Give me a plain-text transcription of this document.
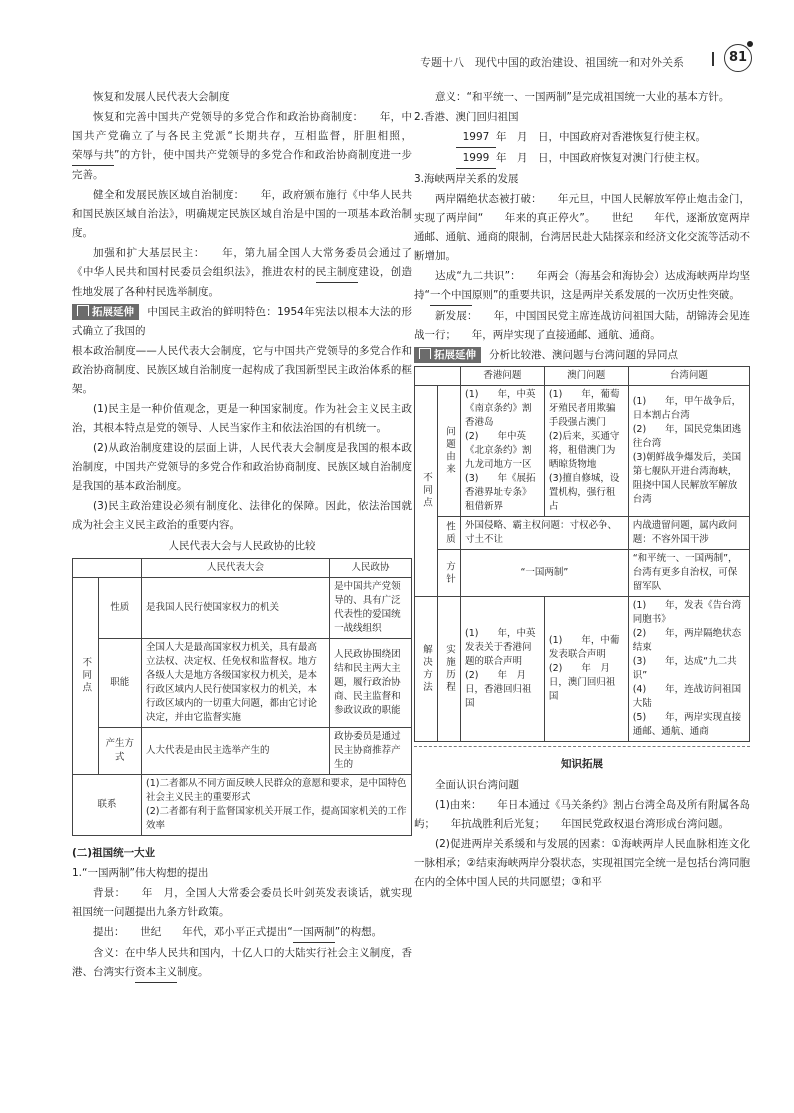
专题十八　现代中国的政治建设、祖国统一和对外关系	81

恢复和发展人民代表大会制度

恢复和完善中国共产党领导的多党合作和政治协商制度：　　年，中国共产党确立了与各民主党派“长期共存，互相监督，肝胆相照，荣辱与共”的方针，使中国共产党领导的多党合作和政治协商制度进一步完善。

健全和发展民族区域自治制度：　　年，政府颁布施行《中华人民共和国民族区域自治法》，明确规定民族区域自治是中国的一项基本政治制度。

加强和扩大基层民主：　　年，第九届全国人大常务委员会通过了《中华人民共和国村民委员会组织法》，推进农村的民主制度建设，创造性地发展了各种村民选举制度。

拓展延伸 中国民主政治的鲜明特色：1954年宪法以根本大法的形式确立了我国的

根本政治制度——人民代表大会制度，它与中国共产党领导的多党合作和政治协商制度、民族区域自治制度一起构成了我国新型民主政治体系的框架。

(1)民主是一种价值观念，更是一种国家制度。作为社会主义民主政治，其根本特点是党的领导、人民当家作主和依法治国的有机统一。

(2)从政治制度建设的层面上讲，人民代表大会制度是我国的根本政治制度，中国共产党领导的多党合作和政治协商制度、民族区域自治制度是我国的基本政治制度。

(3)民主政治建设必须有制度化、法律化的保障。因此，依法治国就成为社会主义民主政治的重要内容。

人民代表大会与人民政协的比较
		人民代表大会	人民政协
不同点	性质	是我国人民行使国家权力的机关	是中国共产党领导的、具有广泛代表性的爱国统一战线组织
	职能	全国人大是最高国家权力机关，具有最高立法权、决定权、任免权和监督权。地方各级人大是地方各级国家权力机关，是本行政区域内人民行使国家权力的机关，本行政区域内的一切重大问题，都由它讨论决定，并由它监督实施	人民政协围绕团结和民主两大主题，履行政治协商、民主监督和参政议政的职能
	产生方式	人大代表是由民主选举产生的	政协委员是通过民主协商推荐产生的
联系		(1)二者都从不同方面反映人民群众的意愿和要求，是中国特色社会主义民主的重要形式
(2)二者都有利于监督国家机关开展工作，提高国家机关的工作效率	
(二)祖国统一大业

1.“一国两制”伟大构想的提出

背景：　　年　月，全国人大常委会委员长叶剑英发表谈话，就实现祖国统一问题提出九条方针政策。

提出：　　世纪　　年代，邓小平正式提出“一国两制”的构想。

含义：在中华人民共和国内，十亿人口的大陆实行社会主义制度，香港、台湾实行资本主义制度。

意义：“和平统一、一国两制”是完成祖国统一大业的基本方针。

2.香港、澳门回归祖国

1997 年　月　日，中国政府对香港恢复行使主权。

1999 年　月　日，中国政府恢复对澳门行使主权。

3.海峡两岸关系的发展

两岸隔绝状态被打破：　　年元旦，中国人民解放军停止炮击金门，实现了两岸间“　　年来的真正停火”。　　世纪　　年代，逐渐放宽两岸通邮、通航、通商的限制，台湾居民赴大陆探亲和经济文化交流等活动不断增加。

达成“九二共识”：　　年两会（海基会和海协会）达成海峡两岸均坚持“一个中国原则”的重要共识，这是两岸关系发展的一次历史性突破。

新发展：　　年，中国国民党主席连战访问祖国大陆，胡锦涛会见连战一行；　　年，两岸实现了直接通邮、通航、通商。

拓展延伸 分析比较港、澳问题与台湾问题的异同点

		香港问题	澳门问题	台湾问题
不同点	问题由来	(1)　　年，中英《南京条约》割香港岛
(2)　　年中英《北京条约》割九龙司地方一区
(3)　　年《展拓香港界址专条》租借新界	(1)　　年，葡萄牙殖民者用欺骗手段强占澳门
(2)后来，买通守将，租借澳门为晒晾货物地
(3)擅自修城，设置机构，强行租占	(1)　　年，甲午战争后，日本割占台湾
(2)　　年，国民党集团逃往台湾
(3)朝鲜战争爆发后，美国第七舰队开进台湾海峡，阻挠中国人民解放军解放台湾
	性质	外国侵略、霸主权问题：寸权必争、寸土不让		内战遗留问题，属内政问题：不容外国干涉
	方针	“一国两制”		“和平统一、一国两制”，台湾有更多自治权，可保留军队
解决方法	实施历程	(1)　　年，中英发表关于香港问题的联合声明
(2)　　年　月　日，香港回归祖国	(1)　　年，中葡发表联合声明
(2)　　年　月　日，澳门回归祖国	(1)　　年，发表《告台湾同胞书》
(2)　　年，两岸隔绝状态结束
(3)　　年，达成“九二共识”
(4)　　年，连战访问祖国大陆
(5)　　年，两岸实现直接通邮、通航、通商
知识拓展

全面认识台湾问题

(1)由来：　　年日本通过《马关条约》割占台湾全岛及所有附属各岛屿；　　年抗战胜利后光复；　　年国民党政权退台湾形成台湾问题。

(2)促进两岸关系缓和与发展的因素：①海峡两岸人民血脉相连文化一脉相承；②结束海峡两岸分裂状态，实现祖国完全统一是包括台湾同胞在内的全体中国人民的共同愿望；③和平
